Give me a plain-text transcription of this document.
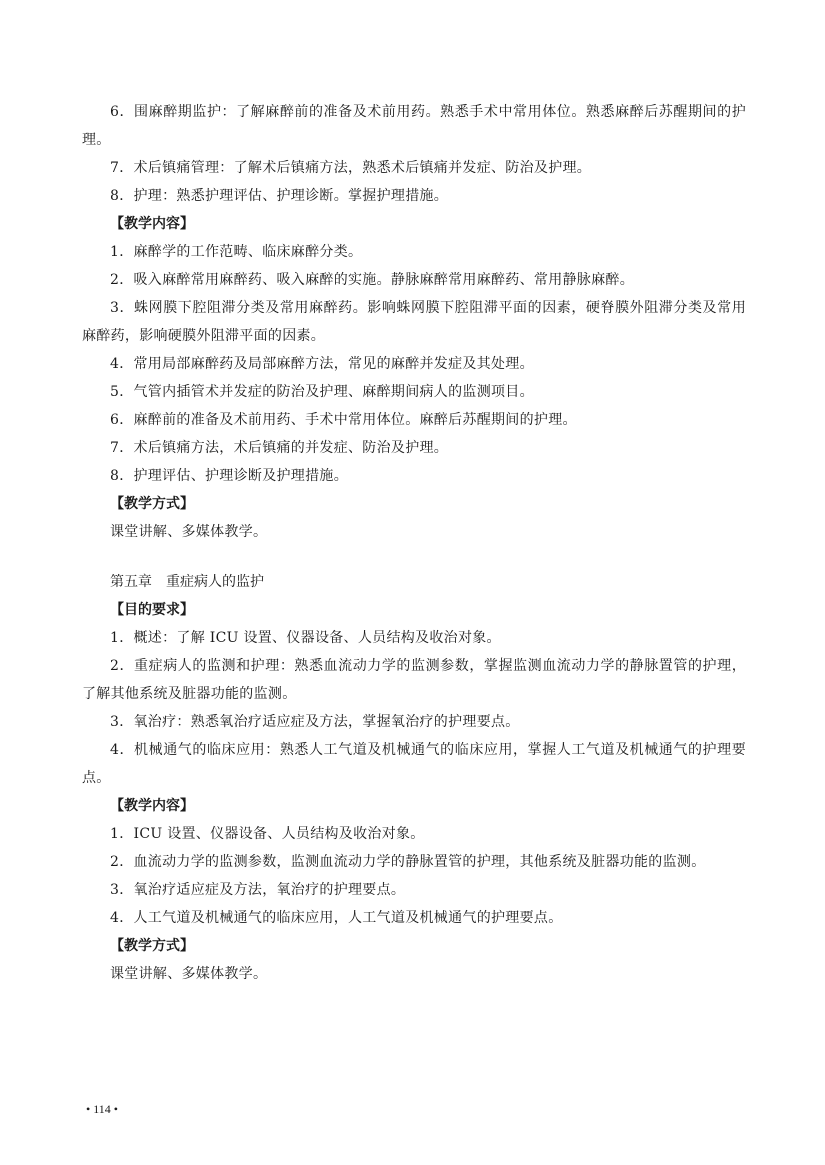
6．围麻醉期监护：了解麻醉前的准备及术前用药。熟悉手术中常用体位。熟悉麻醉后苏醒期间的护理。

7．术后镇痛管理：了解术后镇痛方法，熟悉术后镇痛并发症、防治及护理。

8．护理：熟悉护理评估、护理诊断。掌握护理措施。

【教学内容】

1．麻醉学的工作范畴、临床麻醉分类。

2．吸入麻醉常用麻醉药、吸入麻醉的实施。静脉麻醉常用麻醉药、常用静脉麻醉。

3．蛛网膜下腔阻滞分类及常用麻醉药。影响蛛网膜下腔阻滞平面的因素，硬脊膜外阻滞分类及常用麻醉药，影响硬膜外阻滞平面的因素。

4．常用局部麻醉药及局部麻醉方法，常见的麻醉并发症及其处理。

5．气管内插管术并发症的防治及护理、麻醉期间病人的监测项目。

6．麻醉前的准备及术前用药、手术中常用体位。麻醉后苏醒期间的护理。

7．术后镇痛方法，术后镇痛的并发症、防治及护理。

8．护理评估、护理诊断及护理措施。

【教学方式】

课堂讲解、多媒体教学。

第五章　重症病人的监护

【目的要求】

1．概述：了解 ICU 设置、仪器设备、人员结构及收治对象。

2．重症病人的监测和护理：熟悉血流动力学的监测参数，掌握监测血流动力学的静脉置管的护理，了解其他系统及脏器功能的监测。

3．氧治疗：熟悉氧治疗适应症及方法，掌握氧治疗的护理要点。

4．机械通气的临床应用：熟悉人工气道及机械通气的临床应用，掌握人工气道及机械通气的护理要点。

【教学内容】

1．ICU 设置、仪器设备、人员结构及收治对象。

2．血流动力学的监测参数，监测血流动力学的静脉置管的护理，其他系统及脏器功能的监测。

3．氧治疗适应症及方法，氧治疗的护理要点。

4．人工气道及机械通气的临床应用，人工气道及机械通气的护理要点。

【教学方式】

课堂讲解、多媒体教学。

• 114 •
